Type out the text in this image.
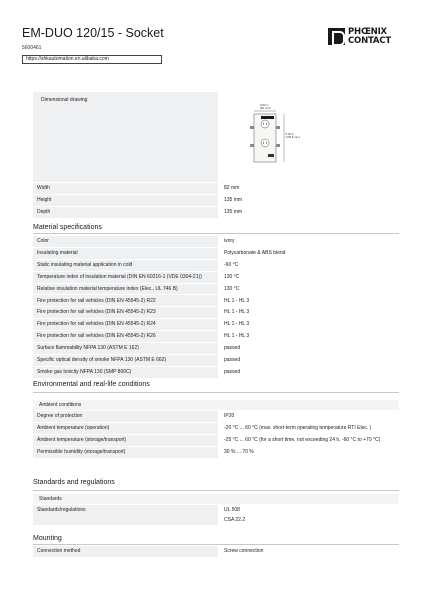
EM-DUO 120/15 - Socket
5600461
https://shkautomation.en.alibaba.com
PHŒNIX
CONTACT
Dimensional drawing
0,83 in
(82 mm)
5,35 in
(135,6 mm)
Width	82 mm
Height	135 mm
Depth	135 mm
Material specifications
Color	ivory
Insulating material	Polycarbonate & ABS blend
Static insulating material application in cold	-60 °C
Temperature index of insulation material (DIN EN 60216-1 (VDE 0304-21))	130 °C
Relative insulation material temperature index (Elec., UL 746 B)	130 °C
Fire protection for rail vehicles (DIN EN 45545-2) R22	HL 1 - HL 3
Fire protection for rail vehicles (DIN EN 45545-2) R23	HL 1 - HL 3
Fire protection for rail vehicles (DIN EN 45545-2) R24	HL 1 - HL 3
Fire protection for rail vehicles (DIN EN 45545-2) R26	HL 1 - HL 3
Surface flammability NFPA 130 (ASTM E 162)	passed
Specific optical density of smoke NFPA 130 (ASTM E 662)	passed
Smoke gas toxicity NFPA 130 (SMP 800C)	passed
Environmental and real-life conditions
Ambient conditions
Degree of protection	IP20
Ambient temperature (operation)	-20 °C ... 60 °C (max. short-term operating temperature RTI Elec. )
Ambient temperature (storage/transport)	-25 °C ... 60 °C (for a short time, not exceeding 24 h, -60 °C to +70 °C)
Permissible humidity (storage/transport)	30 % ... 70 %
Standards and regulations
Standards
Standards/regulations	UL 508
CSA 22.2
Mounting
Connection method	Screw connection
